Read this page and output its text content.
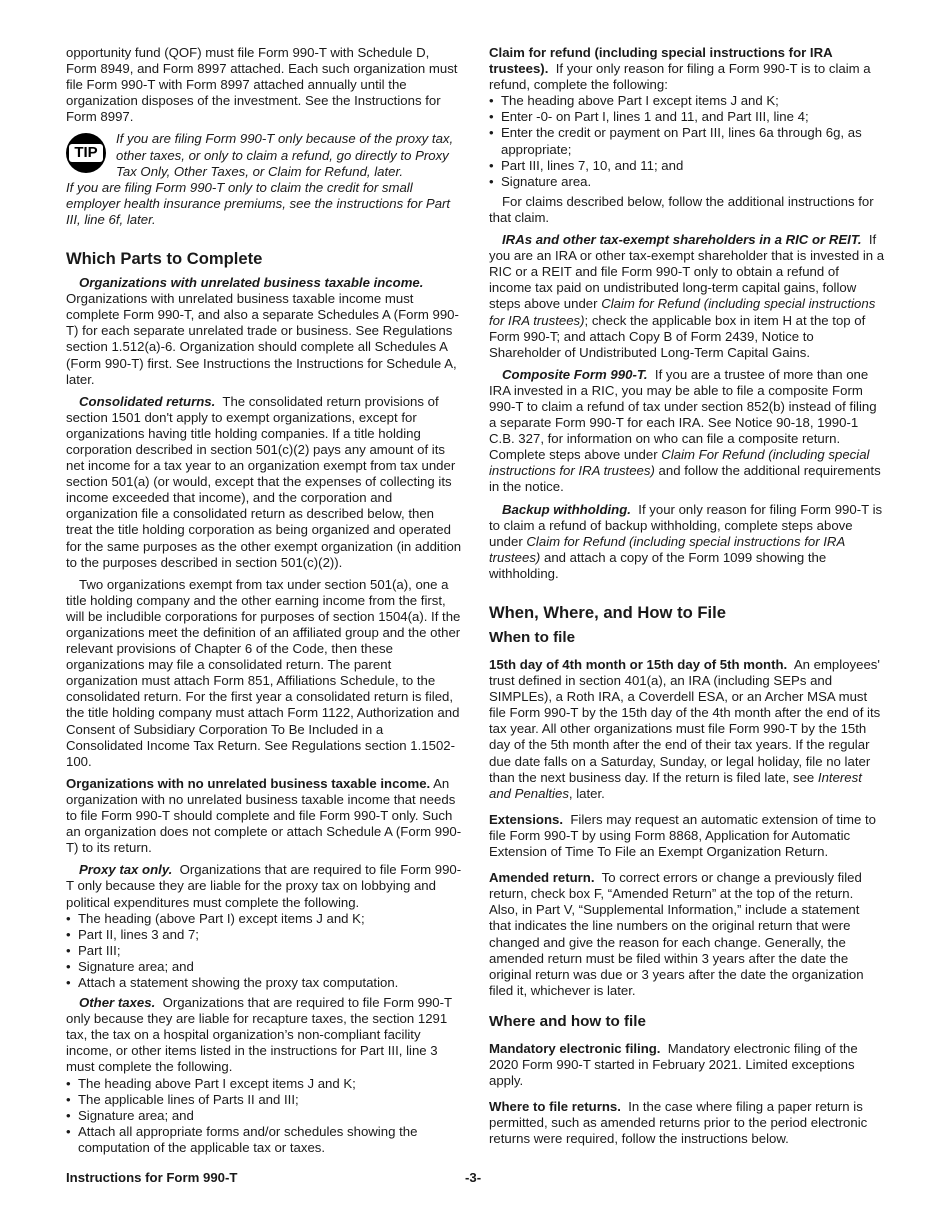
opportunity fund (QOF) must file Form 990-T with Schedule D, Form 8949, and Form 8997 attached. Each such organization must file Form 990-T with Form 8997 attached annually until the organization disposes of the investment. See the Instructions for Form 8997.

TIP

If you are filing Form 990-T only because of the proxy tax, other taxes, or only to claim a refund, go directly to Proxy Tax Only, Other Taxes, or Claim for Refund, later.

If you are filing Form 990-T only to claim the credit for small employer health insurance premiums, see the instructions for Part III, line 6f, later.

Which Parts to Complete

Organizations with unrelated business taxable income. Organizations with unrelated business taxable income must complete Form 990-T, and also a separate Schedules A (Form 990-T) for each separate unrelated trade or business. See Regulations section 1.512(a)-6. Organization should complete all Schedules A (Form 990-T) first. See Instructions the Instructions for Schedule A, later.

Consolidated returns. The consolidated return provisions of section 1501 don't apply to exempt organizations, except for organizations having title holding companies. If a title holding corporation described in section 501(c)(2) pays any amount of its net income for a tax year to an organization exempt from tax under section 501(a) (or would, except that the expenses of collecting its income exceeded that income), and the corporation and organization file a consolidated return as described below, then treat the title holding corporation as being organized and operated for the same purposes as the other exempt organization (in addition to the purposes described in section 501(c)(2)).

Two organizations exempt from tax under section 501(a), one a title holding company and the other earning income from the first, will be includible corporations for purposes of section 1504(a). If the organizations meet the definition of an affiliated group and the other relevant provisions of Chapter 6 of the Code, then these organizations may file a consolidated return. The parent organization must attach Form 851, Affiliations Schedule, to the consolidated return. For the first year a consolidated return is filed, the title holding company must attach Form 1122, Authorization and Consent of Subsidiary Corporation To Be Included in a Consolidated Income Tax Return. See Regulations section 1.1502-100.

Organizations with no unrelated business taxable income. An organization with no unrelated business taxable income that needs to file Form 990-T should complete and file Form 990-T only. Such an organization does not complete or attach Schedule A (Form 990-T) to its return.

Proxy tax only. Organizations that are required to file Form 990-T only because they are liable for the proxy tax on lobbying and political expenditures must complete the following.

• The heading (above Part I) except items J and K;
• Part II, lines 3 and 7;
• Part III;
• Signature area; and
• Attach a statement showing the proxy tax computation.

Other taxes. Organizations that are required to file Form 990-T only because they are liable for recapture taxes, the section 1291 tax, the tax on a hospital organization’s non-compliant facility income, or other items listed in the instructions for Part III, line 3 must complete the following.

• The heading above Part I except items J and K;
• The applicable lines of Parts II and III;
• Signature area; and
• Attach all appropriate forms and/or schedules showing the computation of the applicable tax or taxes.

Claim for refund (including special instructions for IRA trustees). If your only reason for filing a Form 990-T is to claim a refund, complete the following:

• The heading above Part I except items J and K;
• Enter -0- on Part I, lines 1 and 11, and Part III, line 4;
• Enter the credit or payment on Part III, lines 6a through 6g, as appropriate;
• Part III, lines 7, 10, and 11; and
• Signature area.

For claims described below, follow the additional instructions for that claim.

IRAs and other tax-exempt shareholders in a RIC or REIT. If you are an IRA or other tax-exempt shareholder that is invested in a RIC or a REIT and file Form 990-T only to obtain a refund of income tax paid on undistributed long-term capital gains, follow steps above under Claim for Refund (including special instructions for IRA trustees); check the applicable box in item H at the top of Form 990-T; and attach Copy B of Form 2439, Notice to Shareholder of Undistributed Long-Term Capital Gains.

Composite Form 990-T. If you are a trustee of more than one IRA invested in a RIC, you may be able to file a composite Form 990-T to claim a refund of tax under section 852(b) instead of filing a separate Form 990-T for each IRA. See Notice 90-18, 1990-1 C.B. 327, for information on who can file a composite return. Complete steps above under Claim For Refund (including special instructions for IRA trustees) and follow the additional requirements in the notice.

Backup withholding. If your only reason for filing Form 990-T is to claim a refund of backup withholding, complete steps above under Claim for Refund (including special instructions for IRA trustees) and attach a copy of the Form 1099 showing the withholding.

When, Where, and How to File
When to file

15th day of 4th month or 15th day of 5th month. An employees' trust defined in section 401(a), an IRA (including SEPs and SIMPLEs), a Roth IRA, a Coverdell ESA, or an Archer MSA must file Form 990-T by the 15th day of the 4th month after the end of its tax year. All other organizations must file Form 990-T by the 15th day of the 5th month after the end of their tax years. If the regular due date falls on a Saturday, Sunday, or legal holiday, file no later than the next business day. If the return is filed late, see Interest and Penalties, later.

Extensions. Filers may request an automatic extension of time to file Form 990-T by using Form 8868, Application for Automatic Extension of Time To File an Exempt Organization Return.

Amended return. To correct errors or change a previously filed return, check box F, “Amended Return” at the top of the return. Also, in Part V, “Supplemental Information,” include a statement that indicates the line numbers on the original return that were changed and give the reason for each change. Generally, the amended return must be filed within 3 years after the date the original return was due or 3 years after the date the organization filed it, whichever is later.

Where and how to file

Mandatory electronic filing. Mandatory electronic filing of the 2020 Form 990-T started in February 2021. Limited exceptions apply.

Where to file returns. In the case where filing a paper return is permitted, such as amended returns prior to the period electronic returns were required, follow the instructions below.

Instructions for Form 990-T	-3-
